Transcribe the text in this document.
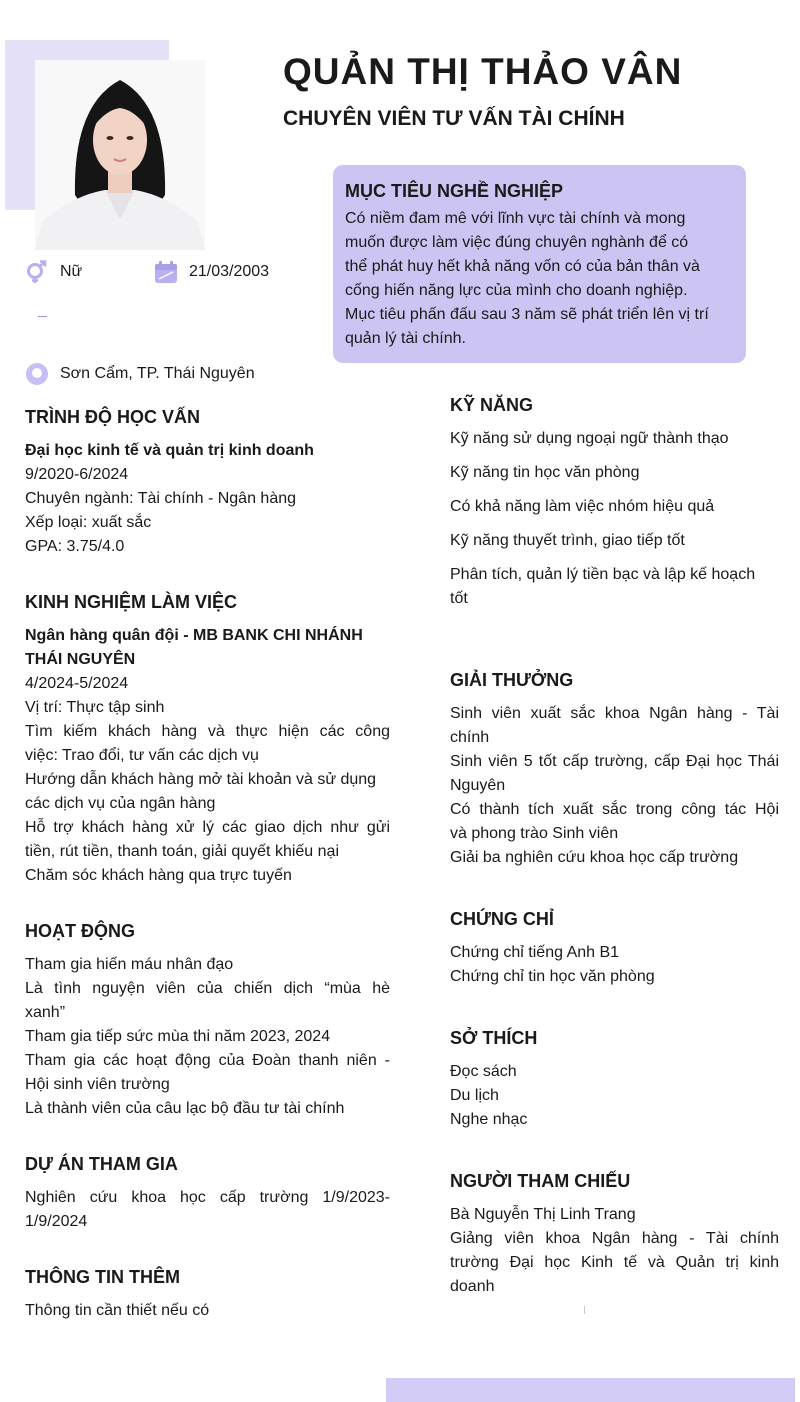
QUẢN THỊ THẢO VÂN
CHUYÊN VIÊN TƯ VẤN TÀI CHÍNH
Nữ	21/03/2003
Sơn Cẩm, TP. Thái Nguyên
MỤC TIÊU NGHỀ NGHIỆP

Có niềm đam mê với lĩnh vực tài chính và mong
muốn được làm việc đúng chuyên nghành để có
thể phát huy hết khả năng vốn có của bản thân và
cống hiến năng lực của mình cho doanh nghiệp.
Mục tiêu phấn đấu sau 3 năm sẽ phát triển lên vị trí
quản lý tài chính.

TRÌNH ĐỘ HỌC VẤN
Đại học kinh tế và quản trị kinh doanh
9/2020-6/2024
Chuyên ngành: Tài chính - Ngân hàng
Xếp loại: xuất sắc
GPA: 3.75/4.0
KINH NGHIỆM LÀM VIỆC
Ngân hàng quân đội - MB BANK CHI NHÁNH
THÁI NGUYÊN
4/2024-5/2024
Vị trí: Thực tập sinh
Tìm kiếm khách hàng và thực hiện các công
việc: Trao đổi, tư vấn các dịch vụ
Hướng dẫn khách hàng mở tài khoản và sử dụng
các dịch vụ của ngân hàng
Hỗ trợ khách hàng xử lý các giao dịch như gửi
tiền, rút tiền, thanh toán, giải quyết khiếu nại
Chăm sóc khách hàng qua trực tuyến
HOẠT ĐỘNG
Tham gia hiến máu nhân đạo
Là tình nguyện viên của chiến dịch “mùa hè
xanh”
Tham gia tiếp sức mùa thi năm 2023, 2024
Tham gia các hoạt động của Đoàn thanh niên -
Hội sinh viên trường
Là thành viên của câu lạc bộ đầu tư tài chính
DỰ ÁN THAM GIA
Nghiên cứu khoa học cấp trường 1/9/2023-
1/9/2024
THÔNG TIN THÊM
Thông tin cần thiết nếu có
KỸ NĂNG
Kỹ năng sử dụng ngoại ngữ thành thạo
Kỹ năng tin học văn phòng
Có khả năng làm việc nhóm hiệu quả
Kỹ năng thuyết trình, giao tiếp tốt
Phân tích, quản lý tiền bạc và lập kế hoạch
tốt
GIẢI THƯỞNG
Sinh viên xuất sắc khoa Ngân hàng - Tài
chính
Sinh viên 5 tốt cấp trường, cấp Đại học Thái
Nguyên
Có thành tích xuất sắc trong công tác Hội
và phong trào Sinh viên
Giải ba nghiên cứu khoa học cấp trường
CHỨNG CHỈ
Chứng chỉ tiếng Anh B1
Chứng chỉ tin học văn phòng
SỞ THÍCH
Đọc sách
Du lịch
Nghe nhạc
NGƯỜI THAM CHIẾU
Bà Nguyễn Thị Linh Trang
Giảng viên khoa Ngân hàng - Tài chính
trường Đại học Kinh tế và Quản trị kinh
doanh
